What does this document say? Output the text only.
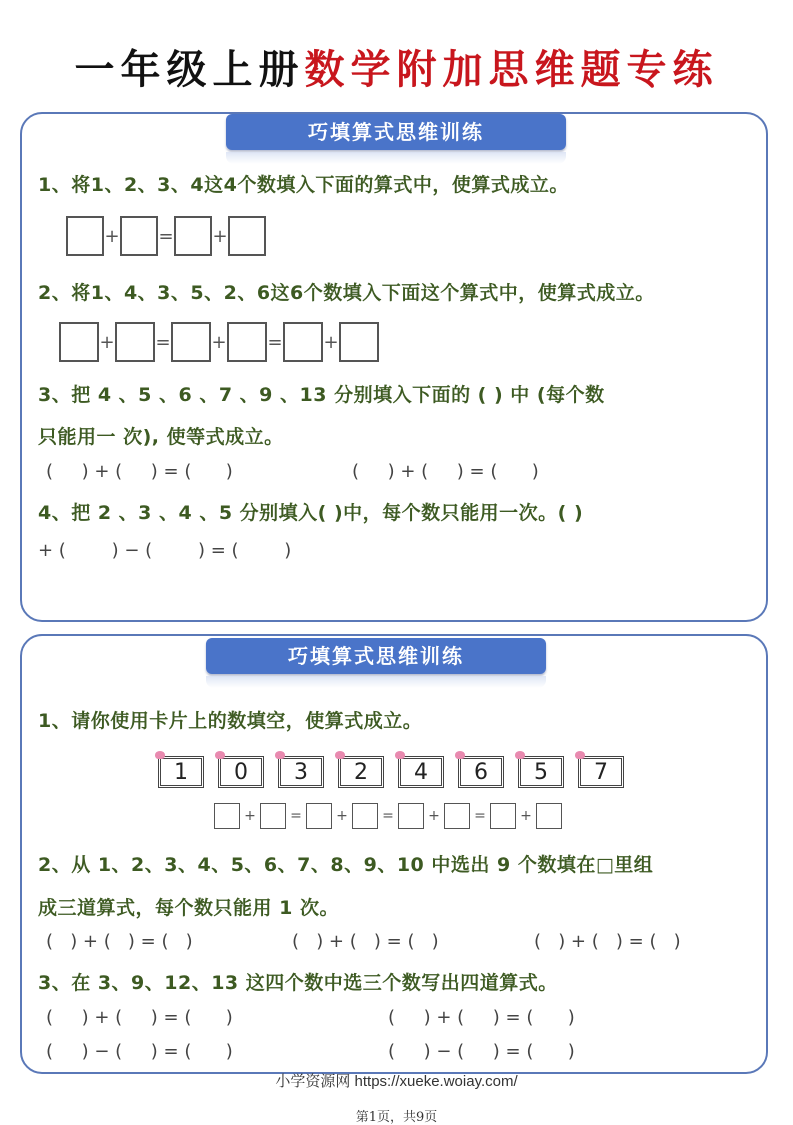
一年级上册数学附加思维题专练
巧填算式思维训练
1、将1、2、3、4这4个数填入下面的算式中，使算式成立。
+ = +
2、将1、4、3、5、2、6这6个数填入下面这个算式中，使算式成立。
+ = + = +
3、把 4 、5 、6 、7 、9 、13 分别填入下面的 ( ) 中 (每个数
只能用一 次), 使等式成立。
(     ) + (     ) = (      )	(     ) + (     ) = (      )
4、把 2 、3 、4 、5 分别填入( )中，每个数只能用一次。( )
+ (        ) − (        ) = (        )
巧填算式思维训练
1、请你使用卡片上的数填空，使算式成立。
1 0 3 2 4 6 5 7
+ = + = + = +
2、从 1、2、3、4、5、6、7、8、9、10 中选出 9 个数填在□里组
成三道算式，每个数只能用 1 次。
(   ) + (   ) = (   )	(   ) + (   ) = (   )	(   ) + (   ) = (   )
3、在 3、9、12、13 这四个数中选三个数写出四道算式。
(     ) + (     ) = (      )	(     ) + (     ) = (      )
(     ) − (     ) = (      )	(     ) − (     ) = (      )
小学资源网 https://xueke.woiay.com/
第1页，共9页
